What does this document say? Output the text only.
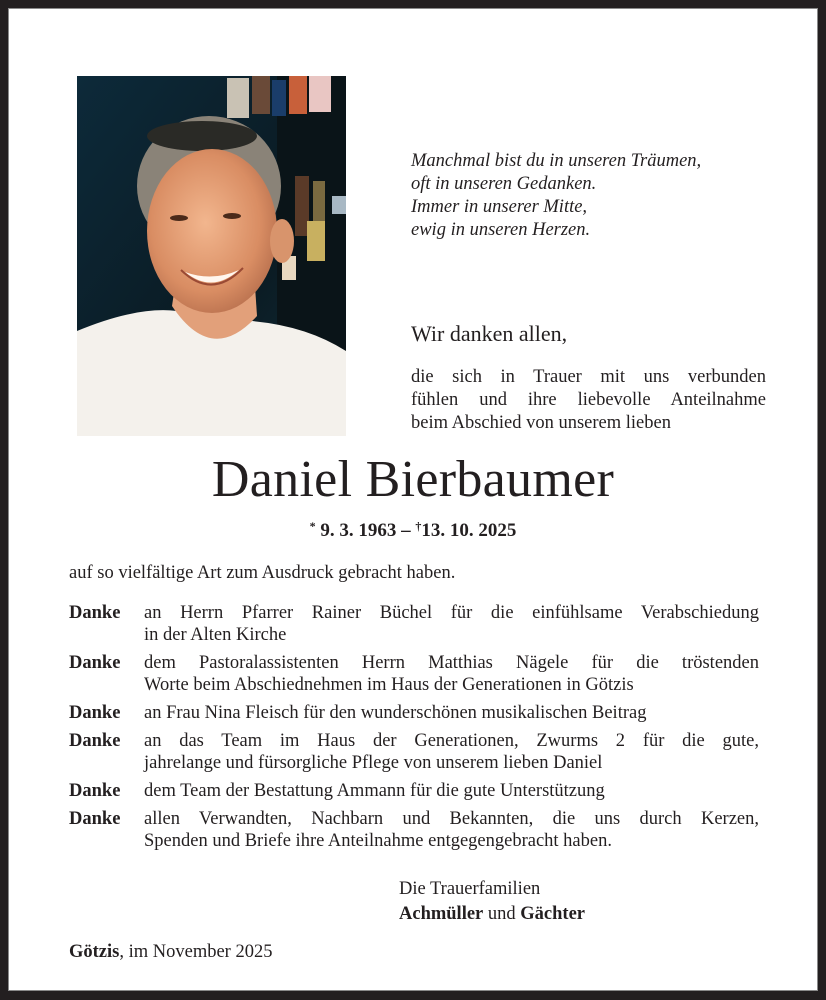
Manchmal bist du in unseren Träumen,
oft in unseren Gedanken.
Immer in unserer Mitte,
ewig in unseren Herzen.
Wir danken allen,
die sich in Trauer mit uns verbunden
fühlen und ihre liebevolle Anteilnahme
beim Abschied von unserem lieben
Daniel Bierbaumer
* 9. 3. 1963 – †13. 10. 2025
auf so vielfältige Art zum Ausdruck gebracht haben.
Danke	an Herrn Pfarrer Rainer Büchel für die einfühlsame Verabschiedung
in der Alten Kirche
Danke	dem Pastoralassistenten Herrn Matthias Nägele für die tröstenden
Worte beim Abschiednehmen im Haus der Generationen in Götzis
Danke	an Frau Nina Fleisch für den wunderschönen musikalischen Beitrag
Danke	an das Team im Haus der Generationen, Zwurms 2 für die gute,
jahrelange und fürsorgliche Pflege von unserem lieben Daniel
Danke	dem Team der Bestattung Ammann für die gute Unterstützung
Danke	allen Verwandten, Nachbarn und Bekannten, die uns durch Kerzen,
Spenden und Briefe ihre Anteilnahme entgegengebracht haben.
Die Trauerfamilien
Achmüller und Gächter
Götzis, im November 2025
